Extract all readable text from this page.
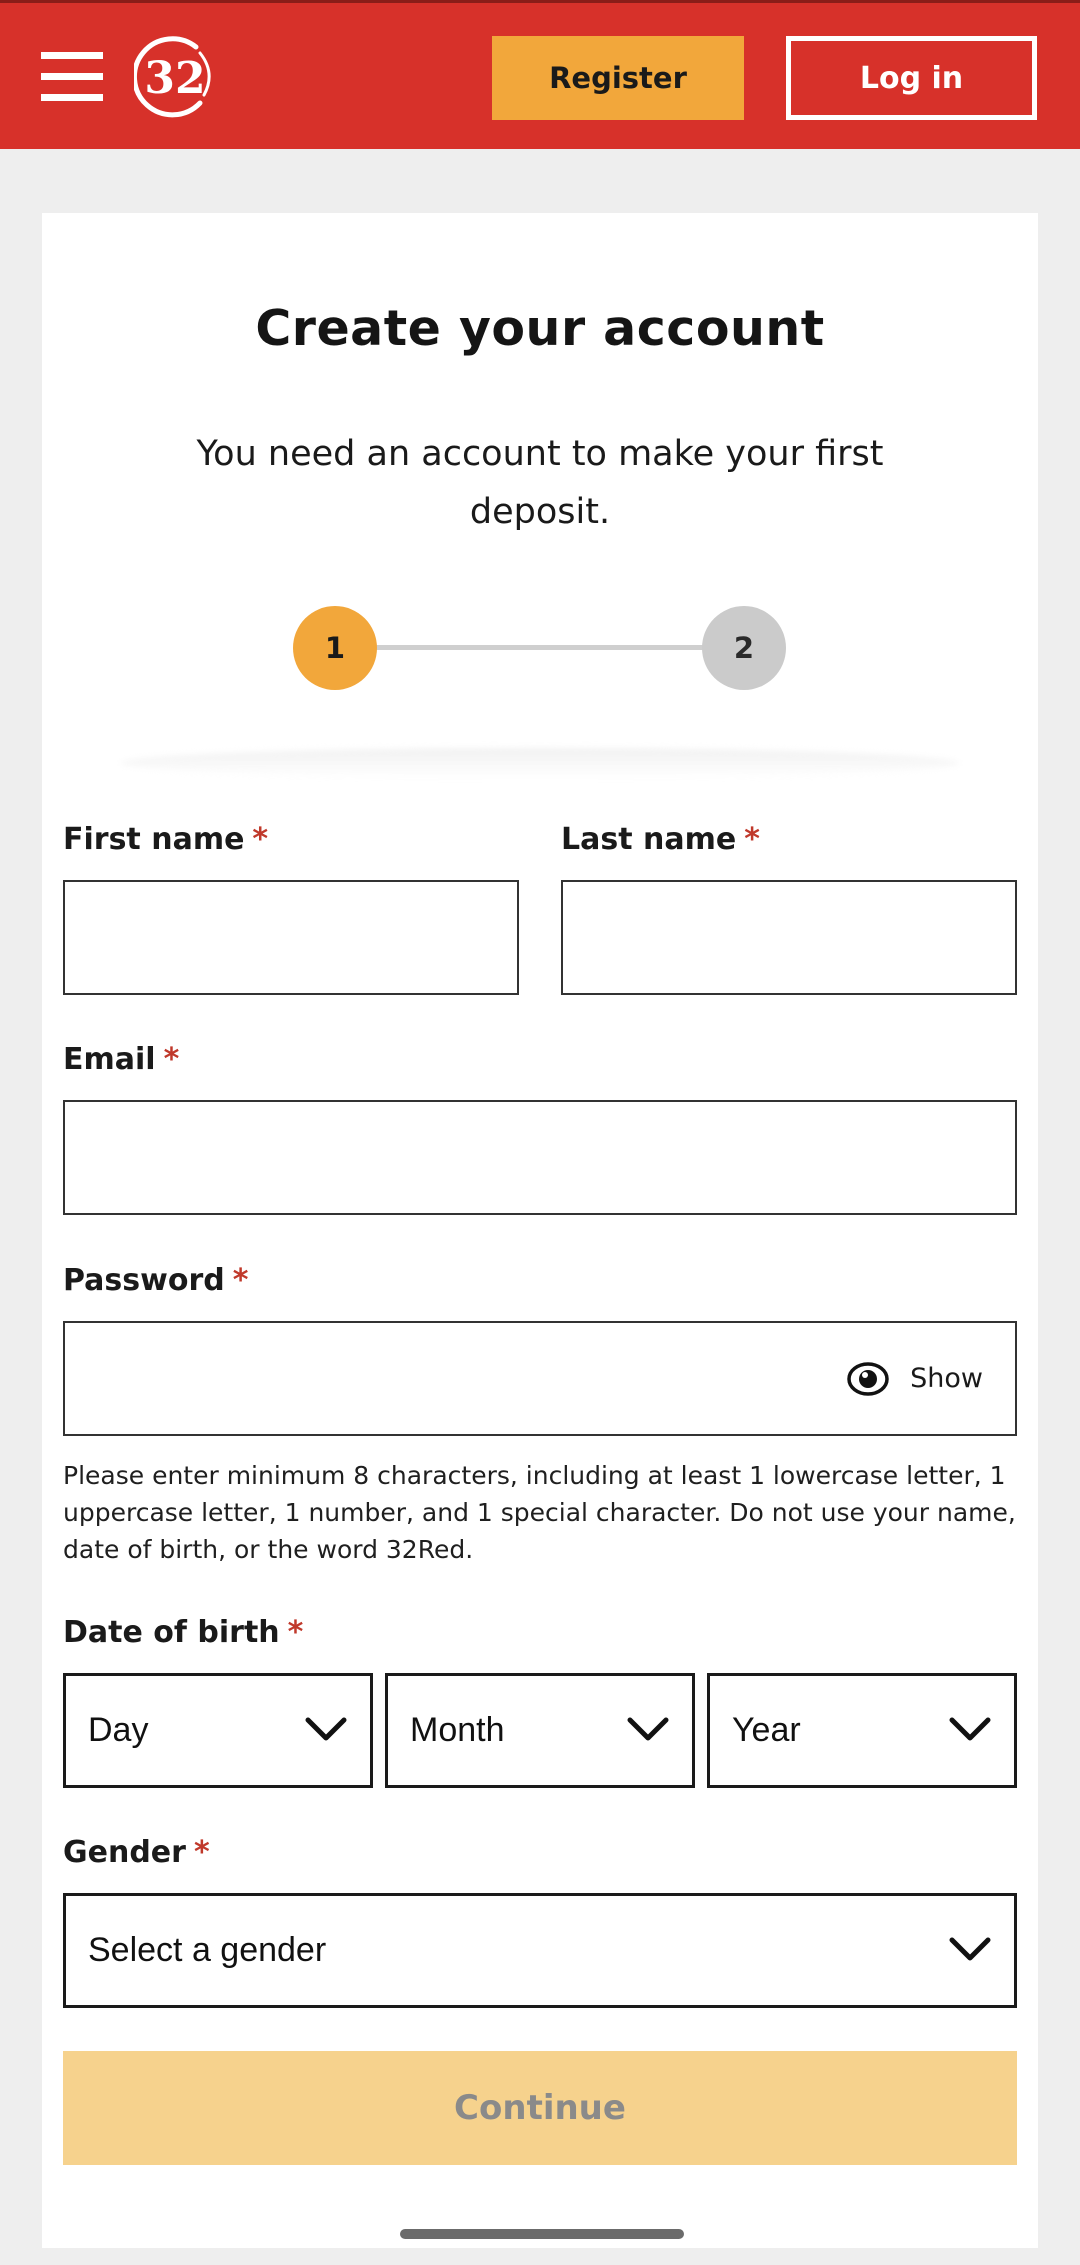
32	Register	Log in
Create your account

You need an account to make your first deposit.

1	2
First name *	Last name *
Email *
Password *
Show

Please enter minimum 8 characters, including at least 1 lowercase letter, 1 uppercase letter, 1 number, and 1 special character. Do not use your name, date of birth, or the word 32Red.

Date of birth *
Day	Month	Year
Gender *
Select a gender
Continue
